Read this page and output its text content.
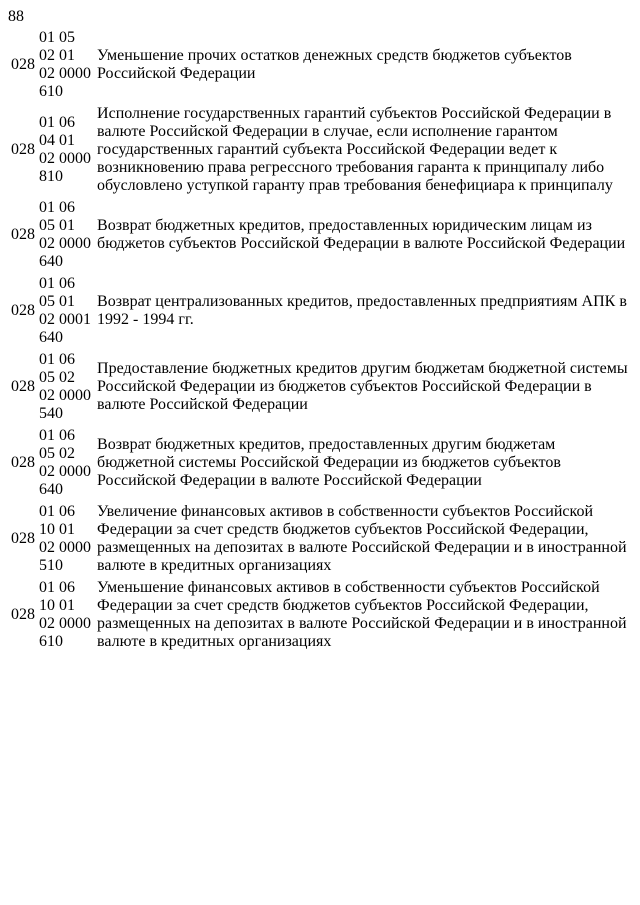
88
028	01 05 02 01 02 0000 610	Уменьшение прочих остатков денежных средств бюджетов субъектов Российской Федерации
028	01 06 04 01 02 0000 810	Исполнение государственных гарантий субъектов Российской Федерации в валюте Российской Федерации в случае, если исполнение гарантом государственных гарантий субъекта Российской Федерации ведет к возникновению права регрессного требования гаранта к принципалу либо обусловлено уступкой гаранту прав требования бенефициара к принципалу
028	01 06 05 01 02 0000 640	Возврат бюджетных кредитов, предоставленных юридическим лицам из бюджетов субъектов Российской Федерации в валюте Российской Федерации
028	01 06 05 01 02 0001 640	Возврат централизованных кредитов, предоставленных предприятиям АПК в 1992 - 1994 гг.
028	01 06 05 02 02 0000 540	Предоставление бюджетных кредитов другим бюджетам бюджетной системы Российской Федерации из бюджетов субъектов Российской Федерации в валюте Российской Федерации
028	01 06 05 02 02 0000 640	Возврат бюджетных кредитов, предоставленных другим бюджетам бюджетной системы Российской Федерации из бюджетов субъектов Российской Федерации в валюте Российской Федерации
028	01 06 10 01 02 0000 510	Увеличение финансовых активов в собственности субъектов Российской Федерации за счет средств бюджетов субъектов Российской Федерации, размещенных на депозитах в валюте Российской Федерации и в иностранной валюте в кредитных организациях
028	01 06 10 01 02 0000 610	Уменьшение финансовых активов в собственности субъектов Российской Федерации за счет средств бюджетов субъектов Российской Федерации, размещенных на депозитах в валюте Российской Федерации и в иностранной валюте в кредитных организациях
